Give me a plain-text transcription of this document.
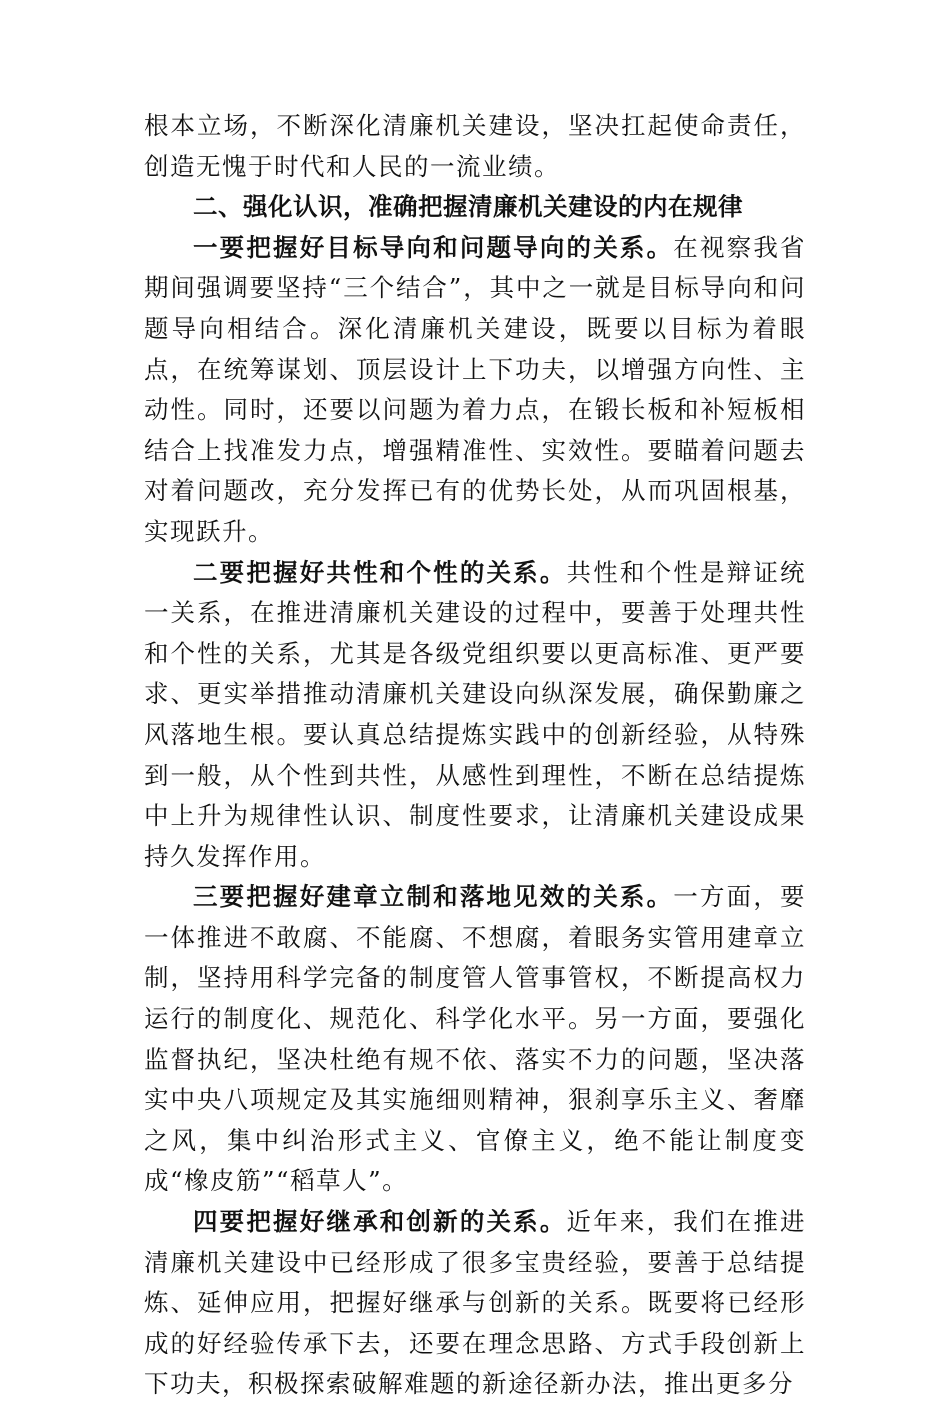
根本立场，不断深化清廉机关建设，坚决扛起使命责任，创造无愧于时代和人民的一流业绩。

二、强化认识，准确把握清廉机关建设的内在规律

一要把握好目标导向和问题导向的关系。在视察我省期间强调要坚持“三个结合”，其中之一就是目标导向和问题导向相结合。深化清廉机关建设，既要以目标为着眼点，在统筹谋划、顶层设计上下功夫，以增强方向性、主动性。同时，还要以问题为着力点，在锻长板和补短板相结合上找准发力点，增强精准性、实效性。要瞄着问题去对着问题改，充分发挥已有的优势长处，从而巩固根基，实现跃升。

二要把握好共性和个性的关系。共性和个性是辩证统一关系，在推进清廉机关建设的过程中，要善于处理共性和个性的关系，尤其是各级党组织要以更高标准、更严要求、更实举措推动清廉机关建设向纵深发展，确保勤廉之风落地生根。要认真总结提炼实践中的创新经验，从特殊到一般，从个性到共性，从感性到理性，不断在总结提炼中上升为规律性认识、制度性要求，让清廉机关建设成果持久发挥作用。

三要把握好建章立制和落地见效的关系。一方面，要一体推进不敢腐、不能腐、不想腐，着眼务实管用建章立制，坚持用科学完备的制度管人管事管权，不断提高权力运行的制度化、规范化、科学化水平。另一方面，要强化监督执纪，坚决杜绝有规不依、落实不力的问题，坚决落实中央八项规定及其实施细则精神，狠刹享乐主义、奢靡之风，集中纠治形式主义、官僚主义，绝不能让制度变成“橡皮筋”“稻草人”。

四要把握好继承和创新的关系。近年来，我们在推进清廉机关建设中已经形成了很多宝贵经验，要善于总结提炼、延伸应用，把握好继承与创新的关系。既要将已经形成的好经验传承下去，还要在理念思路、方式手段创新上下功夫，积极探索破解难题的新途径新办法，推出更多分
